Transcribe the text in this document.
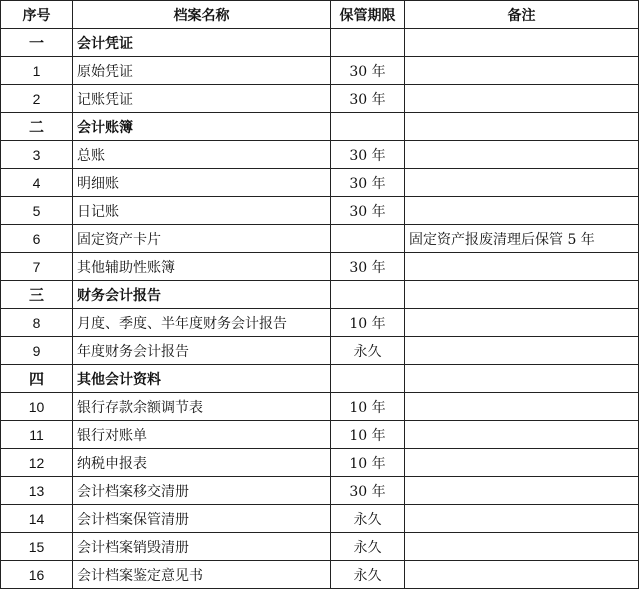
序号	档案名称	保管期限	备注
一	会计凭证		
1	原始凭证	30 年	
2	记账凭证	30 年	
二	会计账簿		
3	总账	30 年	
4	明细账	30 年	
5	日记账	30 年	
6	固定资产卡片		固定资产报废清理后保管 5 年
7	其他辅助性账簿	30 年	
三	财务会计报告		
8	月度、季度、半年度财务会计报告	10 年	
9	年度财务会计报告	永久	
四	其他会计资料		
10	银行存款余额调节表	10 年	
11	银行对账单	10 年	
12	纳税申报表	10 年	
13	会计档案移交清册	30 年	
14	会计档案保管清册	永久	
15	会计档案销毁清册	永久	
16	会计档案鉴定意见书	永久	
